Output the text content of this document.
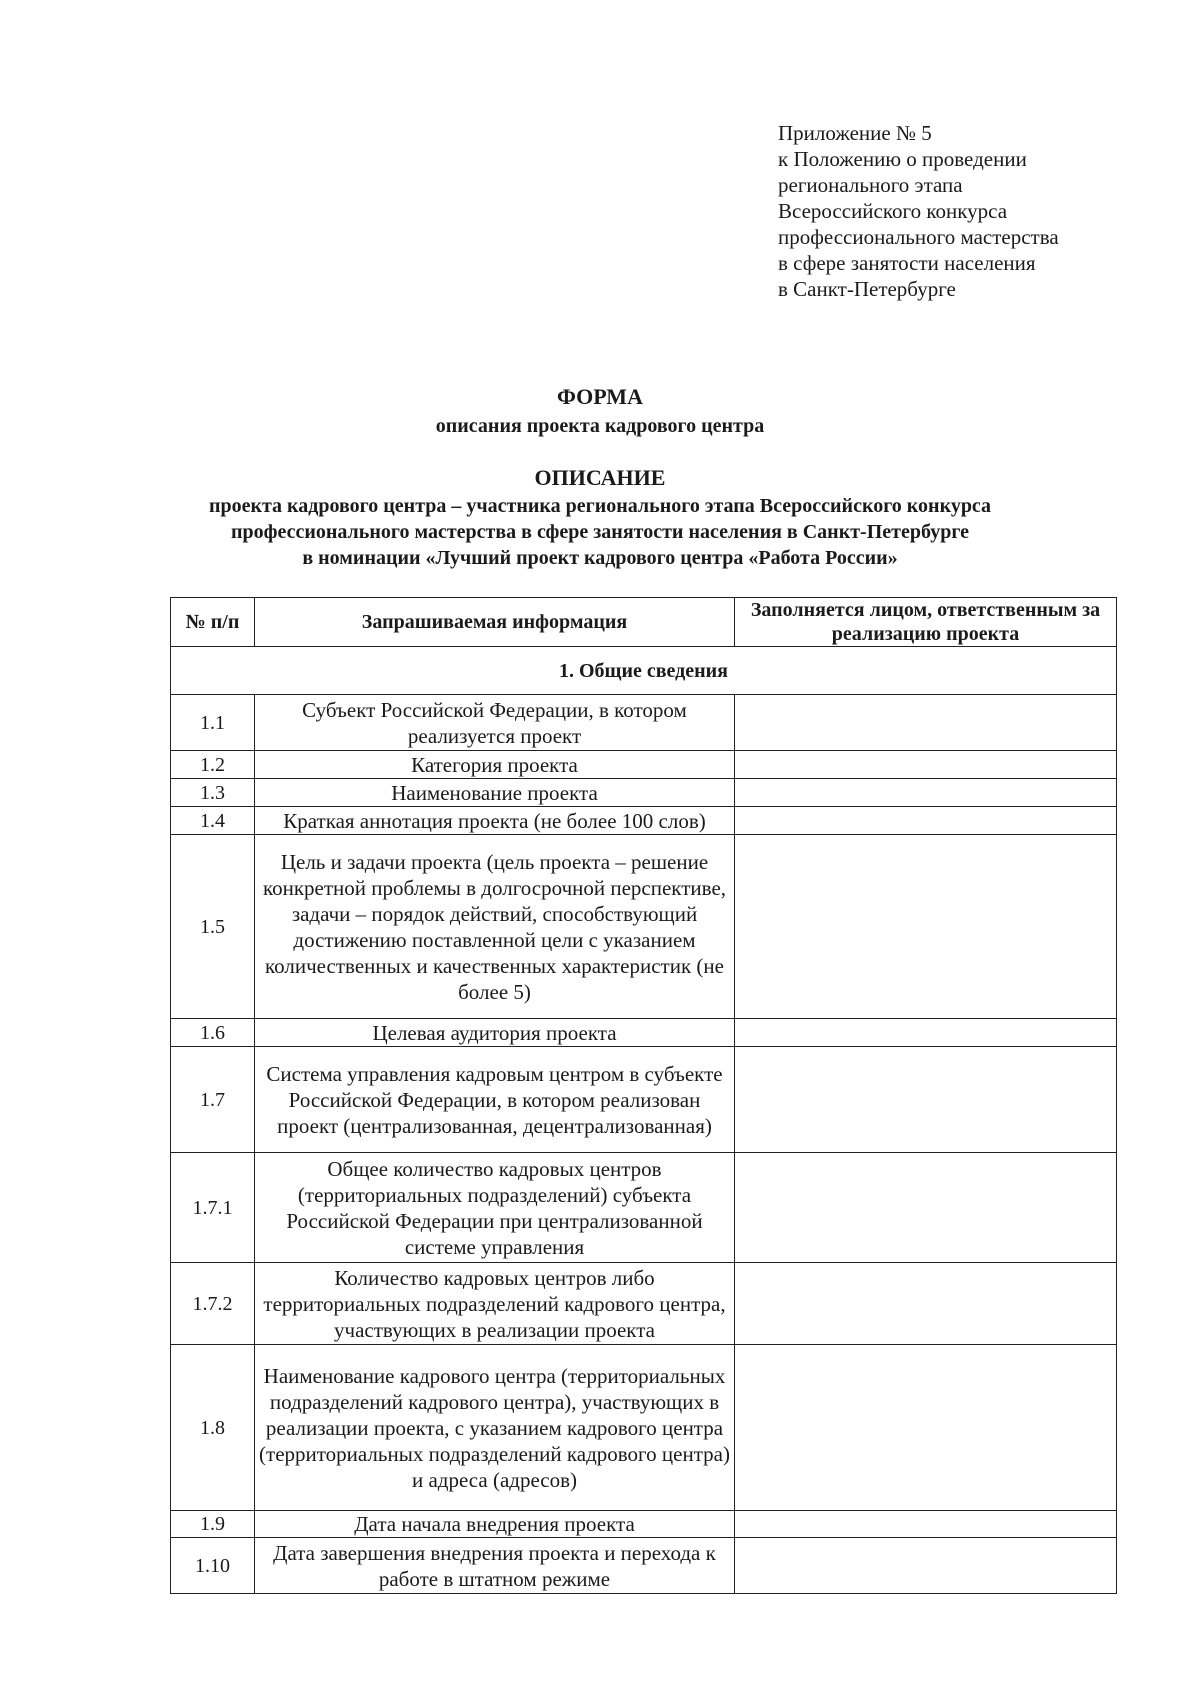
Приложение № 5
к Положению о проведении
регионального этапа
Всероссийского конкурса
профессионального мастерства
в сфере занятости населения
в Санкт-Петербурге
ФОРМА
описания проекта кадрового центра
ОПИСАНИЕ
проекта кадрового центра – участника регионального этапа Всероссийского конкурса
профессионального мастерства в сфере занятости населения в Санкт-Петербурге
в номинации «Лучший проект кадрового центра «Работа России»
№ п/п	Запрашиваемая информация	Заполняется лицом, ответственным за реализацию проекта
1. Общие сведения		
1.1	Субъект Российской Федерации, в котором реализуется проект	
1.2	Категория проекта	
1.3	Наименование проекта	
1.4	Краткая аннотация проекта (не более 100 слов)	
1.5	Цель и задачи проекта (цель проекта – решение конкретной проблемы в долгосрочной перспективе, задачи – порядок действий, способствующий достижению поставленной цели с указанием количественных и качественных характеристик (не более 5)	
1.6	Целевая аудитория проекта	
1.7	Система управления кадровым центром в субъекте Российской Федерации, в котором реализован проект (централизованная, децентрализованная)	
1.7.1	Общее количество кадровых центров (территориальных подразделений) субъекта Российской Федерации при централизованной системе управления	
1.7.2	Количество кадровых центров либо территориальных подразделений кадрового центра, участвующих в реализации проекта	
1.8	Наименование кадрового центра (территориальных подразделений кадрового центра), участвующих в реализации проекта, с указанием кадрового центра (территориальных подразделений кадрового центра) и адреса (адресов)	
1.9	Дата начала внедрения проекта	
1.10	Дата завершения внедрения проекта и перехода к работе в штатном режиме	
